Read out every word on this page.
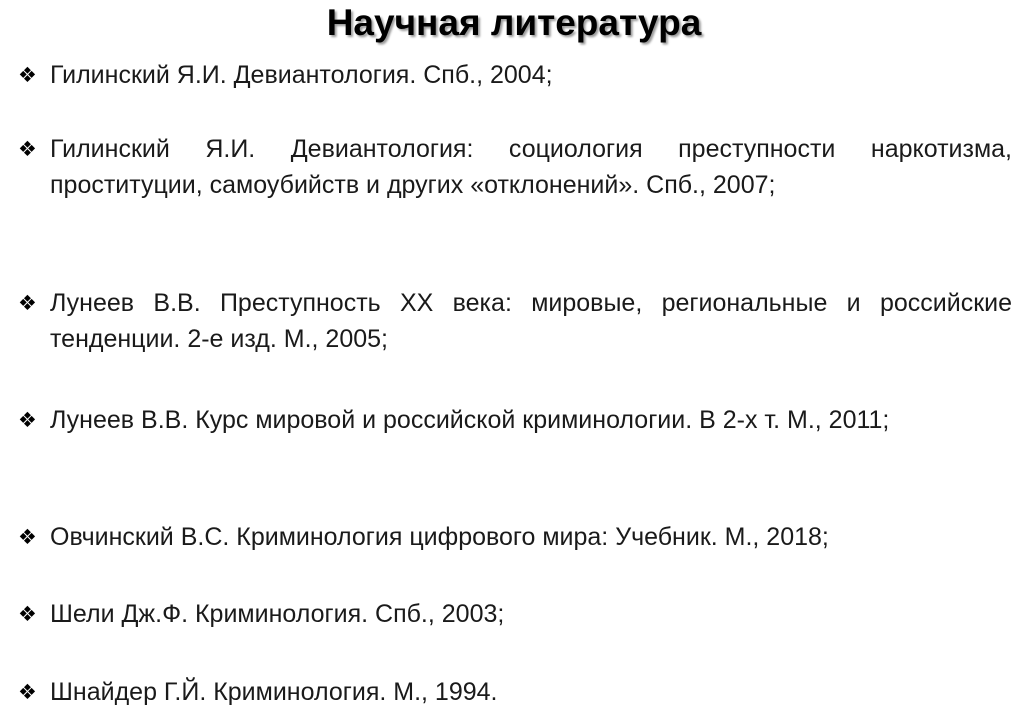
Научная литература
❖ Гилинский Я.И. Девиантология. Спб., 2004;
❖ Гилинский Я.И. Девиантология: социология преступности наркотизма, проституции, самоубийств и других «отклонений». Спб., 2007;
❖ Лунеев В.В. Преступность XX века: мировые, региональные и российские тенденции. 2-е изд. М., 2005;
❖ Лунеев В.В. Курс мировой и российской криминологии. В 2-х т. М., 2011;
❖ Овчинский В.С. Криминология цифрового мира: Учебник. М., 2018;
❖ Шели Дж.Ф. Криминология. Спб., 2003;
❖ Шнайдер Г.Й. Криминология. М., 1994.
